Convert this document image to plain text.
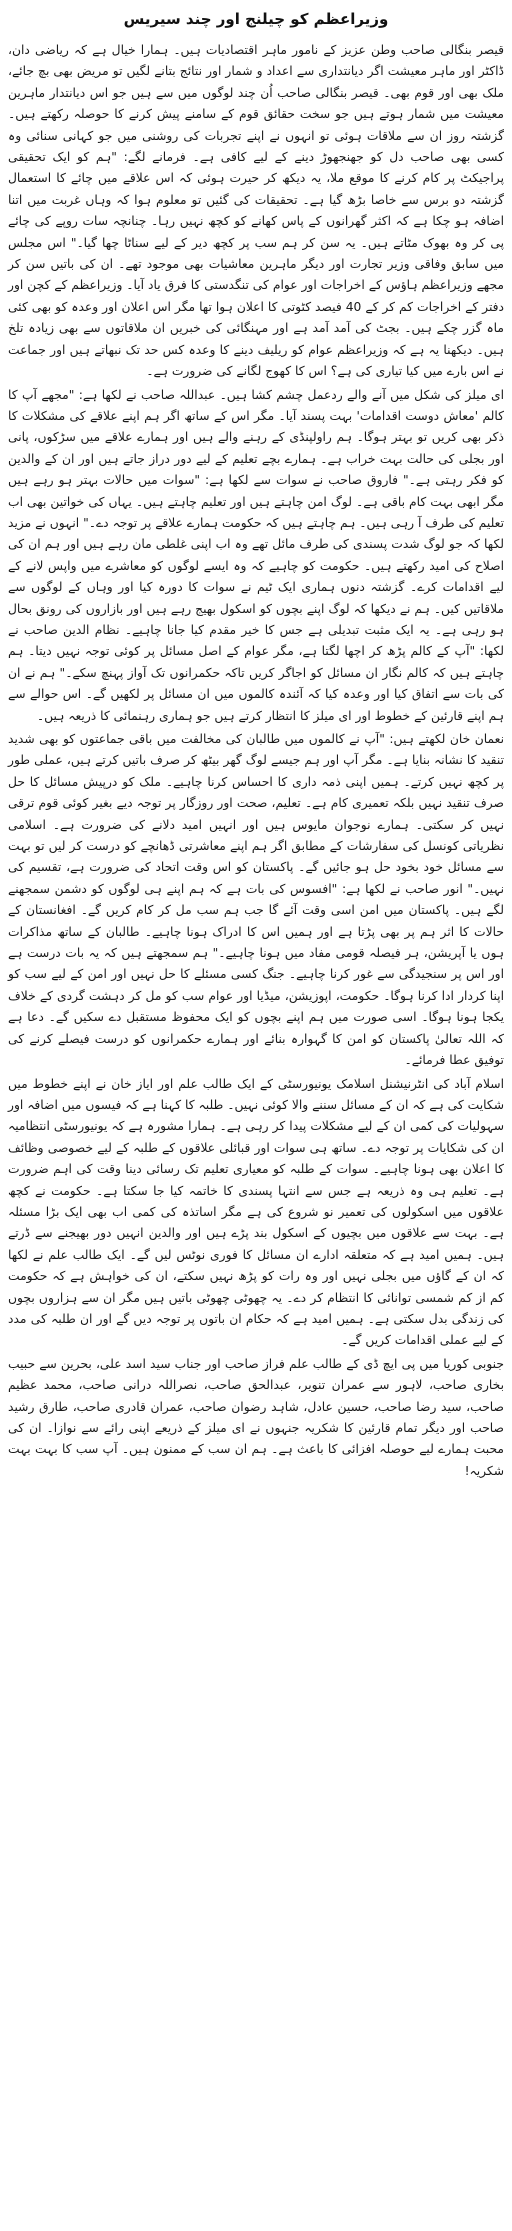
وزیراعظم کو چیلنج اور چند سیریس

قیصر بنگالی صاحب وطن عزیز کے نامور ماہر اقتصادیات ہیں۔ ہمارا خیال ہے کہ ریاضی دان، ڈاکٹر اور ماہر معیشت اگر دیانتداری سے اعداد و شمار اور نتائج بتانے لگیں تو مریض بھی بچ جائے، ملک بھی اور قوم بھی۔ قیصر بنگالی صاحب اُن چند لوگوں میں سے ہیں جو اس دیانتدار ماہرین معیشت میں شمار ہوتے ہیں جو سخت حقائق قوم کے سامنے پیش کرنے کا حوصلہ رکھتے ہیں۔ گزشتہ روز ان سے ملاقات ہوئی تو انہوں نے اپنے تجربات کی روشنی میں جو کہانی سنائی وہ کسی بھی صاحب دل کو جھنجھوڑ دینے کے لیے کافی ہے۔ فرمانے لگے: "ہم کو ایک تحقیقی پراجیکٹ پر کام کرنے کا موقع ملا، یہ دیکھ کر حیرت ہوئی کہ اس علاقے میں چائے کا استعمال گزشتہ دو برس سے خاصا بڑھ گیا ہے۔ تحقیقات کی گئیں تو معلوم ہوا کہ وہاں غربت میں اتنا اضافہ ہو چکا ہے کہ اکثر گھرانوں کے پاس کھانے کو کچھ نہیں رہا۔ چنانچہ سات روپے کی چائے پی کر وہ بھوک مٹاتے ہیں۔ یہ سن کر ہم سب پر کچھ دیر کے لیے سناٹا چھا گیا۔" اس مجلس میں سابق وفاقی وزیر تجارت اور دیگر ماہرین معاشیات بھی موجود تھے۔ ان کی باتیں سن کر مجھے وزیراعظم ہاؤس کے اخراجات اور عوام کی تنگدستی کا فرق یاد آیا۔ وزیراعظم کے کچن اور دفتر کے اخراجات کم کر کے 40 فیصد کٹوتی کا اعلان ہوا تھا مگر اس اعلان اور وعدہ کو بھی کئی ماہ گزر چکے ہیں۔ بجٹ کی آمد آمد ہے اور مہنگائی کی خبریں ان ملاقاتوں سے بھی زیادہ تلخ ہیں۔ دیکھنا یہ ہے کہ وزیراعظم عوام کو ریلیف دینے کا وعدہ کس حد تک نبھاتے ہیں اور جماعت نے اس بارے میں کیا تیاری کی ہے؟ اس کا کھوج لگانے کی ضرورت ہے۔

ای میلز کی شکل میں آنے والے ردعمل چشم کشا ہیں۔ عبداللہ صاحب نے لکھا ہے: "مجھے آپ کا کالم 'معاش دوست اقدامات' بہت پسند آیا۔ مگر اس کے ساتھ اگر ہم اپنے علاقے کی مشکلات کا ذکر بھی کریں تو بہتر ہوگا۔ ہم راولپنڈی کے رہنے والے ہیں اور ہمارے علاقے میں سڑکوں، پانی اور بجلی کی حالت بہت خراب ہے۔ ہمارے بچے تعلیم کے لیے دور دراز جاتے ہیں اور ان کے والدین کو فکر رہتی ہے۔" فاروق صاحب نے سوات سے لکھا ہے: "سوات میں حالات بہتر ہو رہے ہیں مگر ابھی بہت کام باقی ہے۔ لوگ امن چاہتے ہیں اور تعلیم چاہتے ہیں۔ یہاں کی خواتین بھی اب تعلیم کی طرف آ رہی ہیں۔ ہم چاہتے ہیں کہ حکومت ہمارے علاقے پر توجہ دے۔" انہوں نے مزید لکھا کہ جو لوگ شدت پسندی کی طرف مائل تھے وہ اب اپنی غلطی مان رہے ہیں اور ہم ان کی اصلاح کی امید رکھتے ہیں۔ حکومت کو چاہیے کہ وہ ایسے لوگوں کو معاشرے میں واپس لانے کے لیے اقدامات کرے۔ گزشتہ دنوں ہماری ایک ٹیم نے سوات کا دورہ کیا اور وہاں کے لوگوں سے ملاقاتیں کیں۔ ہم نے دیکھا کہ لوگ اپنے بچوں کو اسکول بھیج رہے ہیں اور بازاروں کی رونق بحال ہو رہی ہے۔ یہ ایک مثبت تبدیلی ہے جس کا خیر مقدم کیا جانا چاہیے۔ نظام الدین صاحب نے لکھا: "آپ کے کالم پڑھ کر اچھا لگتا ہے، مگر عوام کے اصل مسائل پر کوئی توجہ نہیں دیتا۔ ہم چاہتے ہیں کہ کالم نگار ان مسائل کو اجاگر کریں تاکہ حکمرانوں تک آواز پہنچ سکے۔" ہم نے ان کی بات سے اتفاق کیا اور وعدہ کیا کہ آئندہ کالموں میں ان مسائل پر لکھیں گے۔ اس حوالے سے ہم اپنے قارئین کے خطوط اور ای میلز کا انتظار کرتے ہیں جو ہماری رہنمائی کا ذریعہ ہیں۔

نعمان خان لکھتے ہیں: "آپ نے کالموں میں طالبان کی مخالفت میں باقی جماعتوں کو بھی شدید تنقید کا نشانہ بنایا ہے۔ مگر آپ اور ہم جیسے لوگ گھر بیٹھ کر صرف باتیں کرتے ہیں، عملی طور پر کچھ نہیں کرتے۔ ہمیں اپنی ذمہ داری کا احساس کرنا چاہیے۔ ملک کو درپیش مسائل کا حل صرف تنقید نہیں بلکہ تعمیری کام ہے۔ تعلیم، صحت اور روزگار پر توجہ دیے بغیر کوئی قوم ترقی نہیں کر سکتی۔ ہمارے نوجوان مایوس ہیں اور انہیں امید دلانے کی ضرورت ہے۔ اسلامی نظریاتی کونسل کی سفارشات کے مطابق اگر ہم اپنے معاشرتی ڈھانچے کو درست کر لیں تو بہت سے مسائل خود بخود حل ہو جائیں گے۔ پاکستان کو اس وقت اتحاد کی ضرورت ہے، تقسیم کی نہیں۔" انور صاحب نے لکھا ہے: "افسوس کی بات ہے کہ ہم اپنے ہی لوگوں کو دشمن سمجھنے لگے ہیں۔ پاکستان میں امن اسی وقت آئے گا جب ہم سب مل کر کام کریں گے۔ افغانستان کے حالات کا اثر ہم پر بھی پڑتا ہے اور ہمیں اس کا ادراک ہونا چاہیے۔ طالبان کے ساتھ مذاکرات ہوں یا آپریشن، ہر فیصلہ قومی مفاد میں ہونا چاہیے۔" ہم سمجھتے ہیں کہ یہ بات درست ہے اور اس پر سنجیدگی سے غور کرنا چاہیے۔ جنگ کسی مسئلے کا حل نہیں اور امن کے لیے سب کو اپنا کردار ادا کرنا ہوگا۔ حکومت، اپوزیشن، میڈیا اور عوام سب کو مل کر دہشت گردی کے خلاف یکجا ہونا ہوگا۔ اسی صورت میں ہم اپنے بچوں کو ایک محفوظ مستقبل دے سکیں گے۔ دعا ہے کہ اللہ تعالیٰ پاکستان کو امن کا گہوارہ بنائے اور ہمارے حکمرانوں کو درست فیصلے کرنے کی توفیق عطا فرمائے۔

اسلام آباد کی انٹرنیشنل اسلامک یونیورسٹی کے ایک طالب علم اور ایاز خان نے اپنے خطوط میں شکایت کی ہے کہ ان کے مسائل سننے والا کوئی نہیں۔ طلبہ کا کہنا ہے کہ فیسوں میں اضافہ اور سہولیات کی کمی ان کے لیے مشکلات پیدا کر رہی ہے۔ ہمارا مشورہ ہے کہ یونیورسٹی انتظامیہ ان کی شکایات پر توجہ دے۔ ساتھ ہی سوات اور قبائلی علاقوں کے طلبہ کے لیے خصوصی وظائف کا اعلان بھی ہونا چاہیے۔ سوات کے طلبہ کو معیاری تعلیم تک رسائی دینا وقت کی اہم ضرورت ہے۔ تعلیم ہی وہ ذریعہ ہے جس سے انتہا پسندی کا خاتمہ کیا جا سکتا ہے۔ حکومت نے کچھ علاقوں میں اسکولوں کی تعمیر نو شروع کی ہے مگر اساتذہ کی کمی اب بھی ایک بڑا مسئلہ ہے۔ بہت سے علاقوں میں بچیوں کے اسکول بند پڑے ہیں اور والدین انہیں دور بھیجنے سے ڈرتے ہیں۔ ہمیں امید ہے کہ متعلقہ ادارے ان مسائل کا فوری نوٹس لیں گے۔ ایک طالب علم نے لکھا کہ ان کے گاؤں میں بجلی نہیں اور وہ رات کو پڑھ نہیں سکتے، ان کی خواہش ہے کہ حکومت کم از کم شمسی توانائی کا انتظام کر دے۔ یہ چھوٹی چھوٹی باتیں ہیں مگر ان سے ہزاروں بچوں کی زندگی بدل سکتی ہے۔ ہمیں امید ہے کہ حکام ان باتوں پر توجہ دیں گے اور ان طلبہ کی مدد کے لیے عملی اقدامات کریں گے۔

جنوبی کوریا میں پی ایچ ڈی کے طالب علم فراز صاحب اور جناب سید اسد علی، بحرین سے حبیب بخاری صاحب، لاہور سے عمران تنویر، عبدالحق صاحب، نصراللہ درانی صاحب، محمد عظیم صاحب، سید رضا صاحب، حسین عادل، شاہد رضوان صاحب، عمران قادری صاحب، طارق رشید صاحب اور دیگر تمام قارئین کا شکریہ جنہوں نے ای میلز کے ذریعے اپنی رائے سے نوازا۔ ان کی محبت ہمارے لیے حوصلہ افزائی کا باعث ہے۔ ہم ان سب کے ممنون ہیں۔ آپ سب کا بہت بہت شکریہ!
